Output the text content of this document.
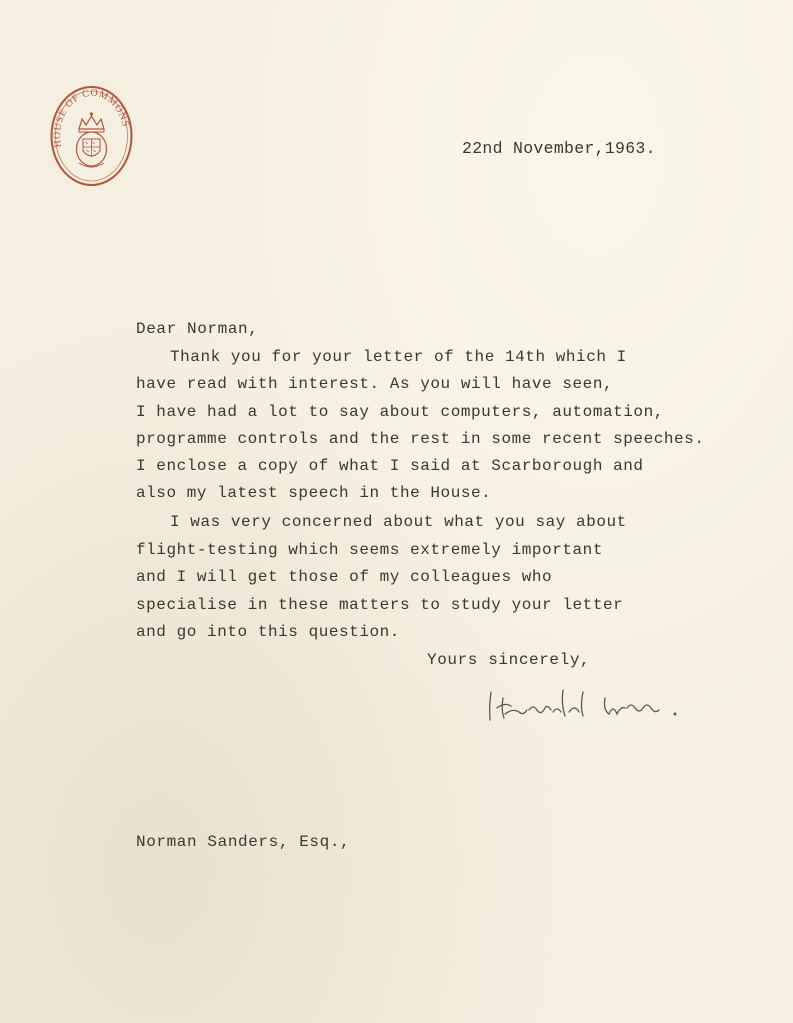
HOUSE OF COMMONS
22nd November,1963.
Dear Norman,
Thank you for your letter of the 14th which I
have read with interest. As you will have seen,
I have had a lot to say about computers, automation,
programme controls and the rest in some recent speeches.
I enclose a copy of what I said at Scarborough and
also my latest speech in the House.
I was very concerned about what you say about
flight-testing which seems extremely important
and I will get those of my colleagues who
specialise in these matters to study your letter
and go into this question.
Yours sincerely,
Norman Sanders, Esq.,
